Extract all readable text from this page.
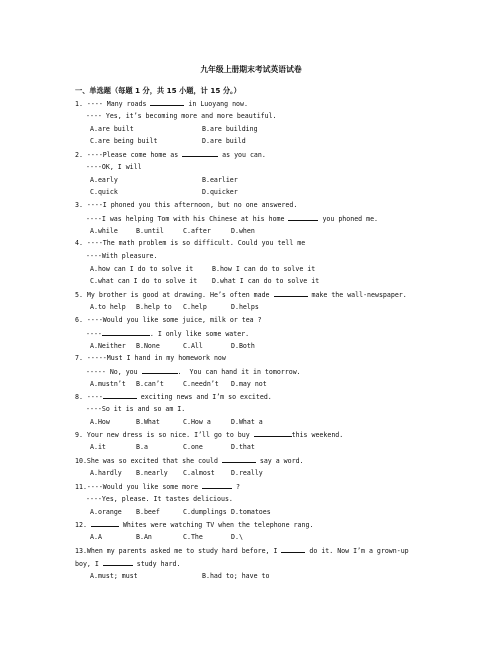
九年级上册期末考试英语试卷
一、单选题（每题 1 分，共 15 小题，计 15 分。）
1. ---- Many roads	in Luoyang now.
---- Yes, it’s becoming more and more beautiful.
A.are built	B.are building
C.are being built	D.are build
2. ----Please come home as	as you can.
----OK, I will
A.early	B.earlier
C.quick	D.quicker
3. ----I phoned you this afternoon, but no one answered.
----I was helping Tom with his Chinese at his home	you phoned me.
A.while	B.until	C.after	D.when
4. ----The math problem is so difficult. Could you tell me
----With pleasure.
A.how can I do to solve it	B.how I can do to solve it
C.what can I do to solve it D.what I can do to solve it
5. My brother is good at drawing. He’s often made	make the wall-newspaper.
A.to help B.help to C.help	D.helps
6. ----Would you like some juice, milk or tea ?
----	. I only like some water.
A.Neither B.None	C.All	D.Both
7. -----Must I hand in my homework now
----- No, you	.  You can hand it in tomorrow.
A.mustn’t B.can’t	C.needn’t D.may not
8. ----	exciting news and I’m so excited.
----So it is and so am I.
A.How	B.What	C.How a	D.What a
9. Your new dress is so nice. I’ll go to buy	this weekend.
A.it	B.a	C.one	D.that
10.She was so excited that she could	say a word.
A.hardly B.nearly C.almost D.really
11.----Would you like some more	?
----Yes, please. It tastes delicious.
A.orange B.beef	C.dumplings D.tomatoes
12.	Whites were watching TV when the telephone rang.
A.A	B.An	C.The	D.\
13.When my parents asked me to study hard before, I	do it. Now I’m a grown-up
boy, I	study hard.
A.must; must	B.had to; have to
